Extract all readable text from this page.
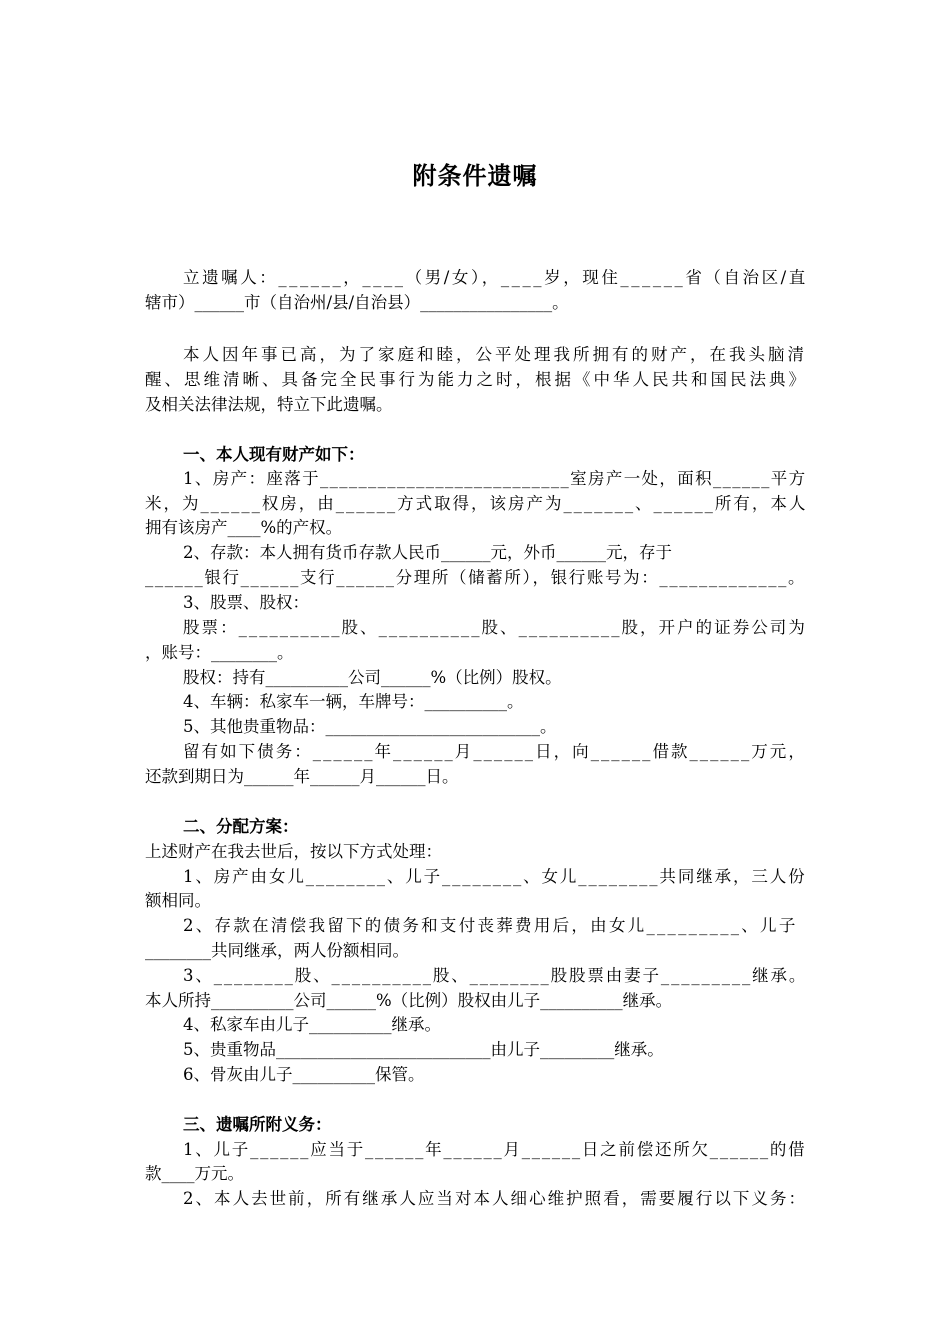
附条件遗嘱
立遗嘱人：______，____（男/女），____岁，现住______省（自治区/直
辖市）______市（自治州/县/自治县）________________。
本人因年事已高，为了家庭和睦，公平处理我所拥有的财产，在我头脑清
醒、思维清晰、具备完全民事行为能力之时，根据《中华人民共和国民法典》
及相关法律法规，特立下此遗嘱。
一、本人现有财产如下：
1、房产：座落于__________________________室房产一处，面积______平方
米，为______权房，由______方式取得，该房产为_______、______所有，本人
拥有该房产____%的产权。
2、存款：本人拥有货币存款人民币______元，外币______元，存于
______银行______支行______分理所（储蓄所），银行账号为：_____________。
3、股票、股权：
股票：__________股、__________股、__________股，开户的证券公司为
，账号：________。
股权：持有__________公司______%（比例）股权。
4、车辆：私家车一辆，车牌号：__________。
5、其他贵重物品：__________________________。
留有如下债务：______年______月______日，向______借款______万元，
还款到期日为______年______月______日。
二、分配方案：
上述财产在我去世后，按以下方式处理：
1、房产由女儿________、儿子________、女儿________共同继承，三人份
额相同。
2、存款在清偿我留下的债务和支付丧葬费用后，由女儿_________、儿子
________共同继承，两人份额相同。
3、________股、__________股、________股股票由妻子_________继承。
本人所持__________公司______%（比例）股权由儿子__________继承。
4、私家车由儿子__________继承。
5、贵重物品__________________________由儿子_________继承。
6、骨灰由儿子__________保管。
三、遗嘱所附义务：
1、儿子______应当于______年______月______日之前偿还所欠______的借
款____万元。
2、本人去世前，所有继承人应当对本人细心维护照看，需要履行以下义务：
